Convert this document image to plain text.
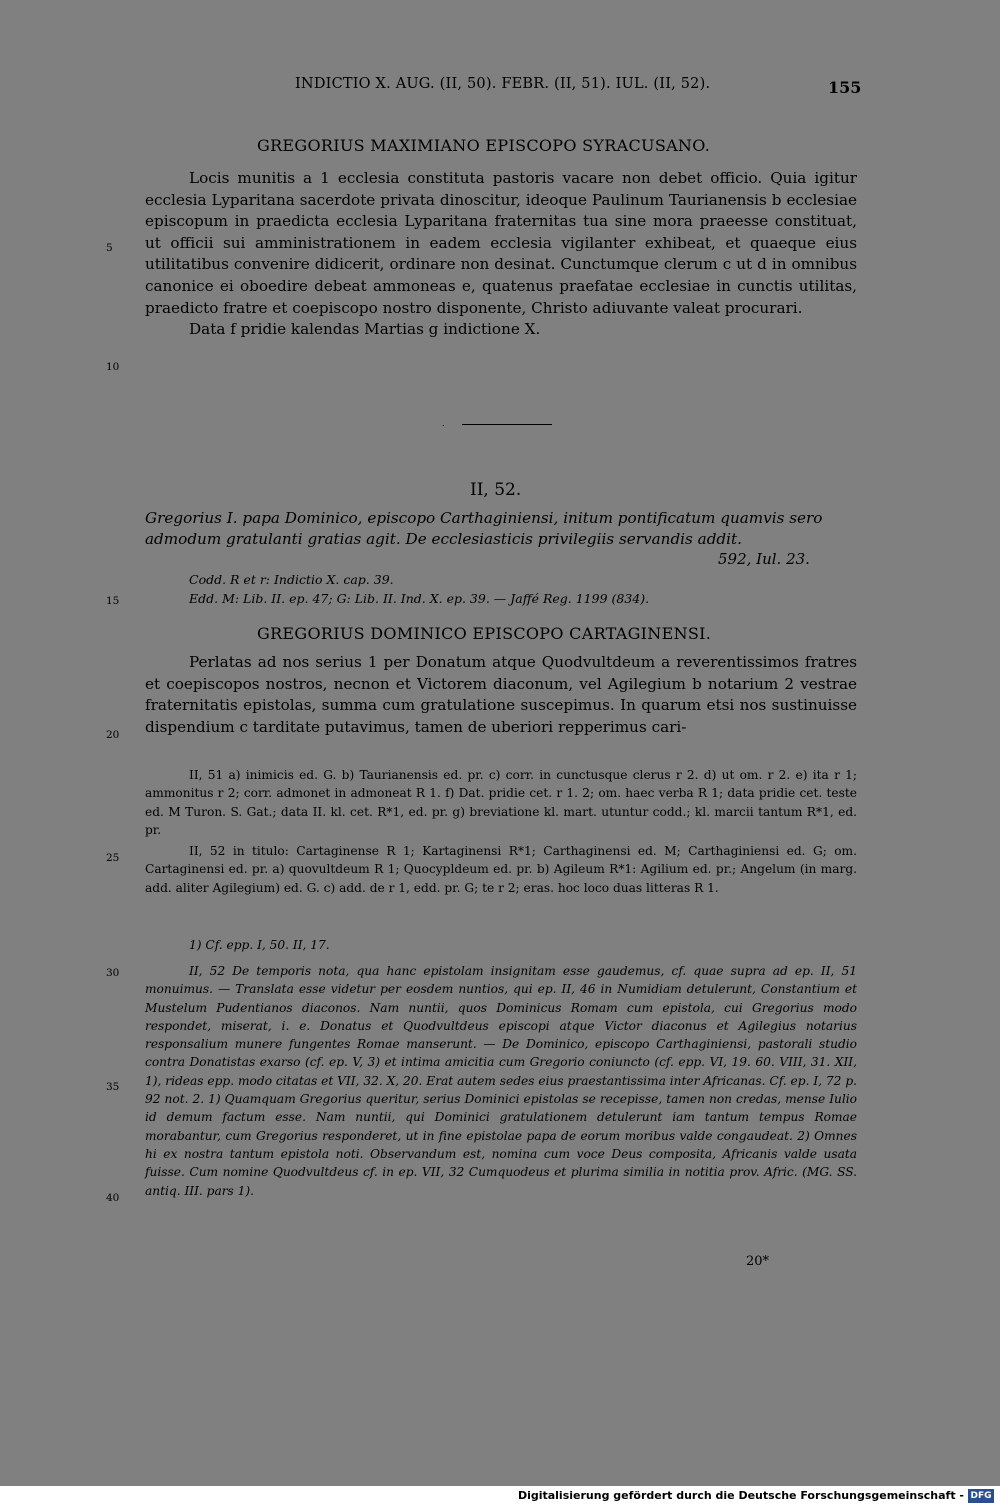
INDICTIO X. AUG. (II, 50). FEBR. (II, 51). IUL. (II, 52).	155
GREGORIUS MAXIMIANO EPISCOPO SYRACUSANO.

Locis munitis a 1 ecclesia constituta pastoris vacare non debet officio. Quia igitur ecclesia Lyparitana sacerdote privata dinoscitur, ideoque Paulinum Taurianensis b ecclesiae episcopum in praedicta ecclesia Lyparitana fraternitas tua sine mora praeesse constituat, ut officii sui amministrationem in eadem ecclesia vigilanter exhibeat, et quaeque eius utilitatibus convenire didicerit, ordinare non desinat. Cunctumque clerum c ut d in omnibus canonice ei oboedire debeat ammoneas e, quatenus praefatae ecclesiae in cunctis utilitas, praedicto fratre et coepiscopo nostro disponente, Christo adiuvante valeat procurari.

Data f pridie kalendas Martias g indictione X.

5
10
.
II, 52.
Gregorius I. papa Dominico, episcopo Carthaginiensi, initum pontificatum quamvis sero admodum gratulanti gratias agit. De ecclesiasticis privilegiis servandis addit.
592, Iul. 23.
Codd. R et r: Indictio X. cap. 39.
Edd. M: Lib. II. ep. 47; G: Lib. II. Ind. X. ep. 39. — Jaffé Reg. 1199 (834).
15
GREGORIUS DOMINICO EPISCOPO CARTAGINENSI.

Perlatas ad nos serius 1 per Donatum atque Quodvultdeum a reverentissimos fratres et coepiscopos nostros, necnon et Victorem diaconum, vel Agilegium b notarium 2 vestrae fraternitatis epistolas, summa cum gratulatione suscepimus. In quarum etsi nos sustinuisse dispendium c tarditate putavimus, tamen de uberiori repperimus cari-

20

II, 51 a) inimicis ed. G. b) Taurianensis ed. pr. c) corr. in cunctusque clerus r 2. d) ut om. r 2. e) ita r 1; ammonitus r 2; corr. admonet in admoneat R 1. f) Dat. pridie cet. r 1. 2; om. haec verba R 1; data pridie cet. teste ed. M Turon. S. Gat.; data II. kl. cet. R*1, ed. pr. g) breviatione kl. mart. utuntur codd.; kl. marcii tantum R*1, ed. pr.

II, 52 in titulo: Cartaginense R 1; Kartaginensi R*1; Carthaginensi ed. M; Carthaginiensi ed. G; om. Cartaginensi ed. pr. a) quovultdeum R 1; Quocypldeum ed. pr. b) Agileum R*1: Agilium ed. pr.; Angelum (in marg. add. aliter Agilegium) ed. G. c) add. de r 1, edd. pr. G; te r 2; eras. hoc loco duas litteras R 1.

25

1) Cf. epp. I, 50. II, 17.

II, 52 De temporis nota, qua hanc epistolam insignitam esse gaudemus, cf. quae supra ad ep. II, 51 monuimus. — Translata esse videtur per eosdem nuntios, qui ep. II, 46 in Numidiam detulerunt, Constantium et Mustelum Pudentianos diaconos. Nam nuntii, quos Dominicus Romam cum epistola, cui Gregorius modo respondet, miserat, i. e. Donatus et Quodvultdeus episcopi atque Victor diaconus et Agilegius notarius responsalium munere fungentes Romae manserunt. — De Dominico, episcopo Carthaginiensi, pastorali studio contra Donatistas exarso (cf. ep. V, 3) et intima amicitia cum Gregorio coniuncto (cf. epp. VI, 19. 60. VIII, 31. XII, 1), rideas epp. modo citatas et VII, 32. X, 20. Erat autem sedes eius praestantissima inter Africanas. Cf. ep. I, 72 p. 92 not. 2. 1) Quamquam Gregorius queritur, serius Dominici epistolas se recepisse, tamen non credas, mense Iulio id demum factum esse. Nam nuntii, qui Dominici gratulationem detulerunt iam tantum tempus Romae morabantur, cum Gregorius responderet, ut in fine epistolae papa de eorum moribus valde congaudeat. 2) Omnes hi ex nostra tantum epistola noti. Observandum est, nomina cum voce Deus composita, Africanis valde usata fuisse. Cum nomine Quodvultdeus cf. in ep. VII, 32 Cumquodeus et plurima similia in notitia prov. Afric. (MG. SS. antiq. III. pars 1).

30
35
40
20*
Digitalisierung gefördert durch die Deutsche Forschungsgemeinschaft - DFG
